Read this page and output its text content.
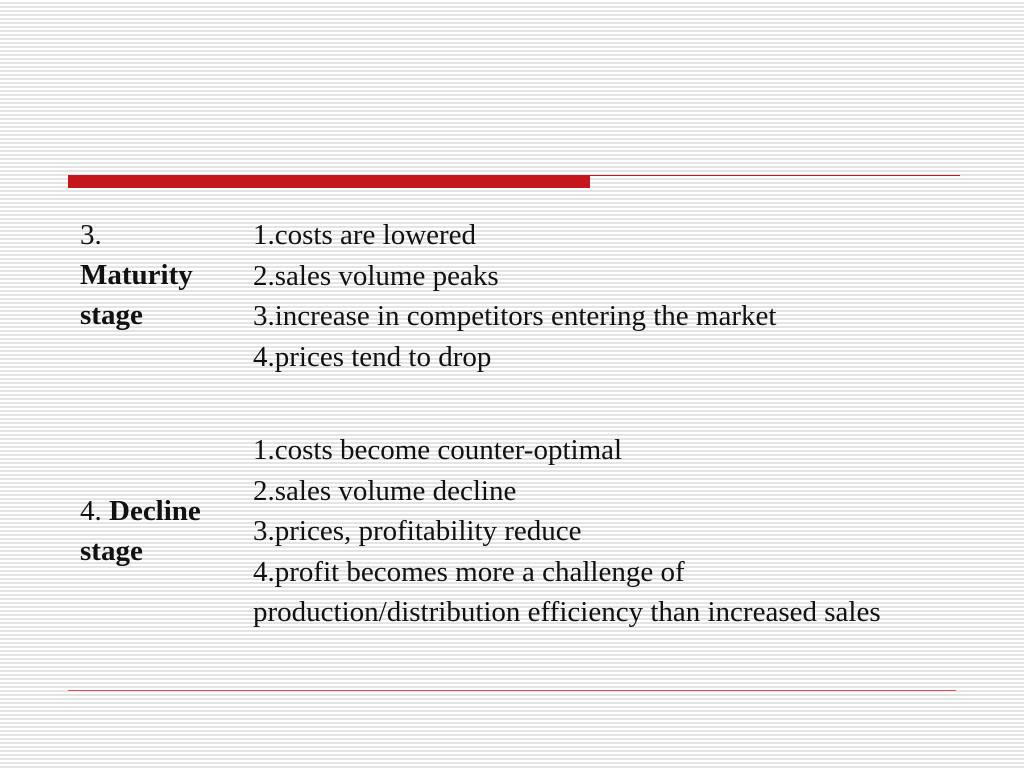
3.
Maturity
stage
1.costs are lowered
2.sales volume peaks
3.increase in competitors entering the market
4.prices tend to drop
4. Decline
stage
1.costs become counter-optimal
2.sales volume decline
3.prices, profitability reduce
4.profit becomes more a challenge of production/distribution efficiency than increased sales
